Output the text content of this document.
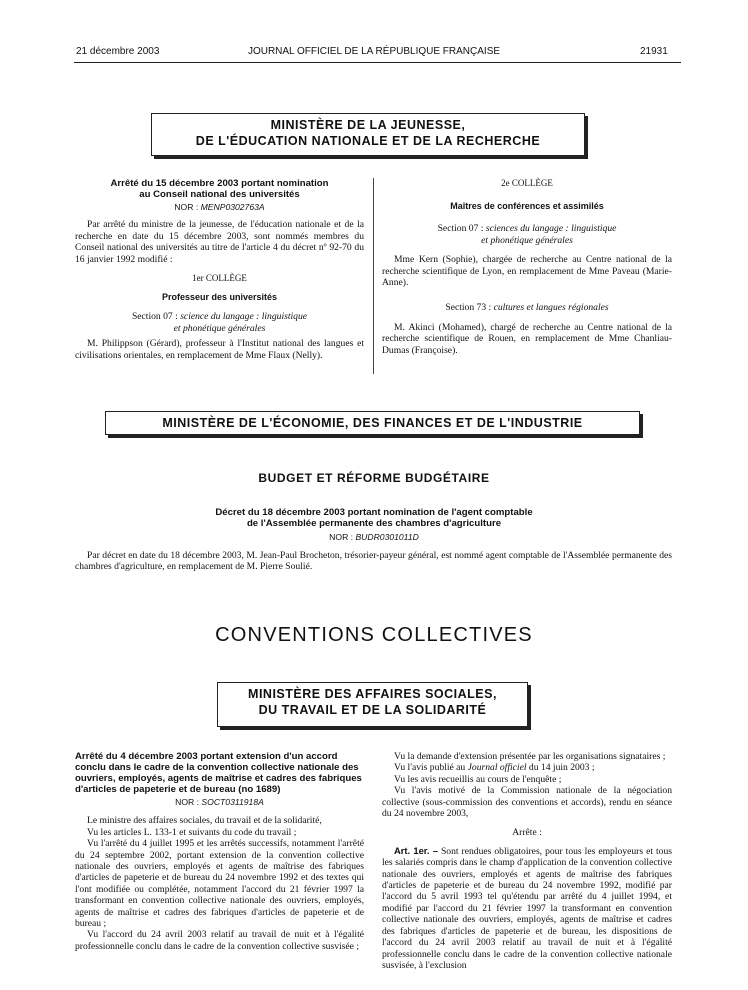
21 décembre 2003	JOURNAL OFFICIEL DE LA RÉPUBLIQUE FRANÇAISE	21931
MINISTÈRE DE LA JEUNESSE,
DE L'ÉDUCATION NATIONALE ET DE LA RECHERCHE
Arrêté du 15 décembre 2003 portant nomination
au Conseil national des universités
NOR : MENP0302763A

Par arrêté du ministre de la jeunesse, de l'éducation nationale et de la recherche en date du 15 décembre 2003, sont nommés membres du Conseil national des universités au titre de l'article 4 du décret nº 92-70 du 16 janvier 1992 modifié :

1er COLLÈGE

Professeur des universités

Section 07 : science du langage : linguistique
et phonétique générales

M. Philippson (Gérard), professeur à l'Institut national des langues et civilisations orientales, en remplacement de Mme Flaux (Nelly).

2e COLLÈGE

Maîtres de conférences et assimilés

Section 07 : sciences du langage : linguistique
et phonétique générales

Mme Kern (Sophie), chargée de recherche au Centre national de la recherche scientifique de Lyon, en remplacement de Mme Paveau (Marie-Anne).

Section 73 : cultures et langues régionales

M. Akinci (Mohamed), chargé de recherche au Centre national de la recherche scientifique de Rouen, en remplacement de Mme Chanliau-Dumas (Françoise).

MINISTÈRE DE L'ÉCONOMIE, DES FINANCES ET DE L'INDUSTRIE
BUDGET ET RÉFORME BUDGÉTAIRE
Décret du 18 décembre 2003 portant nomination de l'agent comptable
de l'Assemblée permanente des chambres d'agriculture
NOR : BUDR0301011D

Par décret en date du 18 décembre 2003, M. Jean-Paul Brocheton, trésorier-payeur général, est nommé agent comptable de l'Assemblée permanente des chambres d'agriculture, en remplacement de M. Pierre Soulié.

CONVENTIONS COLLECTIVES
MINISTÈRE DES AFFAIRES SOCIALES,
DU TRAVAIL ET DE LA SOLIDARITÉ
Arrêté du 4 décembre 2003 portant extension d'un accord conclu dans le cadre de la convention collective nationale des ouvriers, employés, agents de maîtrise et cadres des fabriques d'articles de papeterie et de bureau (no 1689)
NOR : SOCT0311918A

Le ministre des affaires sociales, du travail et de la solidarité,

Vu les articles L. 133-1 et suivants du code du travail ;

Vu l'arrêté du 4 juillet 1995 et les arrêtés successifs, notamment l'arrêté du 24 septembre 2002, portant extension de la convention collective nationale des ouvriers, employés et agents de maîtrise des fabriques d'articles de papeterie et de bureau du 24 novembre 1992 et des textes qui l'ont modifiée ou complétée, notamment l'accord du 21 février 1997 la transformant en convention collective nationale des ouvriers, employés, agents de maîtrise et cadres des fabriques d'articles de papeterie et de bureau ;

Vu l'accord du 24 avril 2003 relatif au travail de nuit et à l'égalité professionnelle conclu dans le cadre de la convention collective susvisée ;

Vu la demande d'extension présentée par les organisations signataires ;

Vu l'avis publié au Journal officiel du 14 juin 2003 ;

Vu les avis recueillis au cours de l'enquête ;

Vu l'avis motivé de la Commission nationale de la négociation collective (sous-commission des conventions et accords), rendu en séance du 24 novembre 2003,

Arrête :

Art. 1er. – Sont rendues obligatoires, pour tous les employeurs et tous les salariés compris dans le champ d'application de la convention collective nationale des ouvriers, employés et agents de maîtrise des fabriques d'articles de papeterie et de bureau du 24 novembre 1992, modifié par l'accord du 5 avril 1993 tel qu'étendu par arrêté du 4 juillet 1994, et modifié par l'accord du 21 février 1997 la transformant en convention collective nationale des ouvriers, employés, agents de maîtrise et cadres des fabriques d'articles de papeterie et de bureau, les dispositions de l'accord du 24 avril 2003 relatif au travail de nuit et à l'égalité professionnelle conclu dans le cadre de la convention collective nationale susvisée, à l'exclusion
